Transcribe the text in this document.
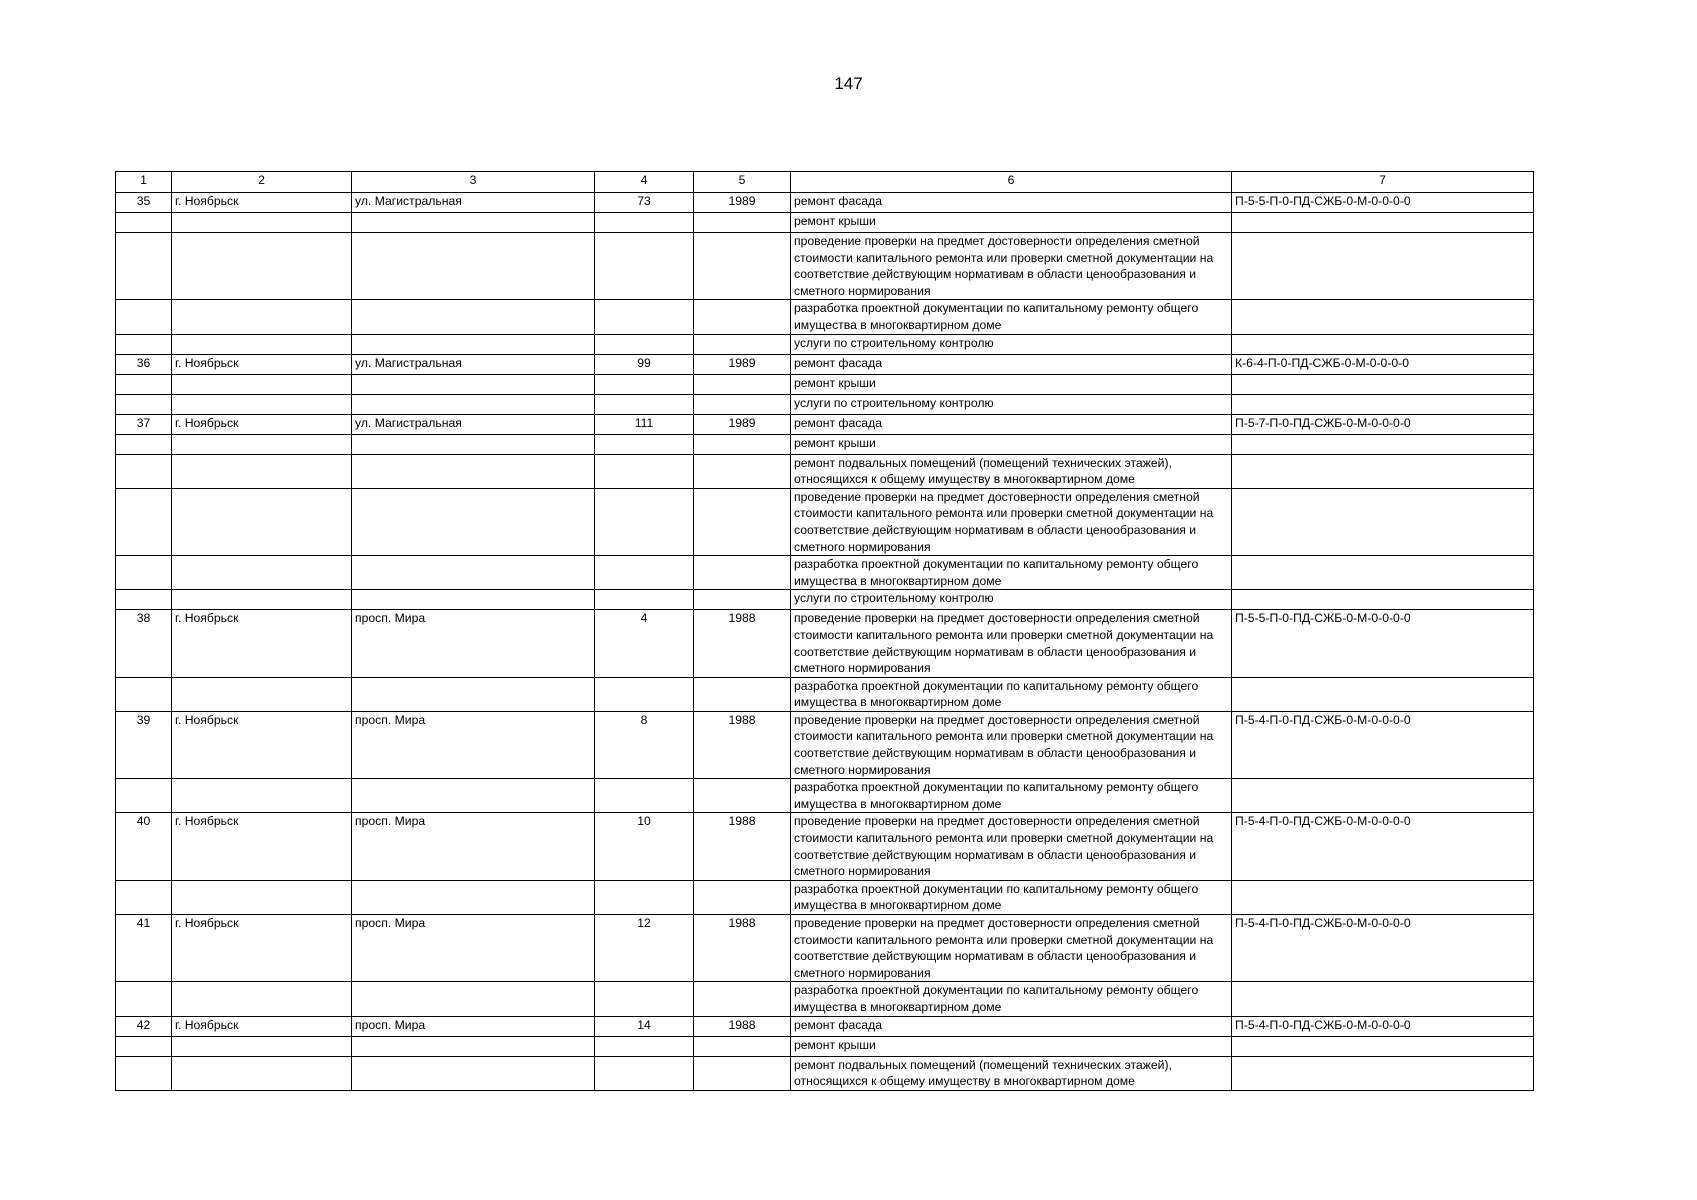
147
1	2	3	4	5	6	7
35	г. Ноябрьск	ул. Магистральная	73	1989	ремонт фасада	П-5-5-П-0-ПД-СЖБ-0-М-0-0-0-0
					ремонт крыши	
					проведение проверки на предмет достоверности определения сметной стоимости капитального ремонта или проверки сметной документации на соответствие действующим нормативам в области ценообразования и сметного нормирования	
					разработка проектной документации по капитальному ремонту общего имущества в многоквартирном доме	
					услуги по строительному контролю	
36	г. Ноябрьск	ул. Магистральная	99	1989	ремонт фасада	К-6-4-П-0-ПД-СЖБ-0-М-0-0-0-0
					ремонт крыши	
					услуги по строительному контролю	
37	г. Ноябрьск	ул. Магистральная	111	1989	ремонт фасада	П-5-7-П-0-ПД-СЖБ-0-М-0-0-0-0
					ремонт крыши	
					ремонт подвальных помещений (помещений технических этажей), относящихся к общему имуществу в многоквартирном доме	
					проведение проверки на предмет достоверности определения сметной стоимости капитального ремонта или проверки сметной документации на соответствие действующим нормативам в области ценообразования и сметного нормирования	
					разработка проектной документации по капитальному ремонту общего имущества в многоквартирном доме	
					услуги по строительному контролю	
38	г. Ноябрьск	просп. Мира	4	1988	проведение проверки на предмет достоверности определения сметной стоимости капитального ремонта или проверки сметной документации на соответствие действующим нормативам в области ценообразования и сметного нормирования	П-5-5-П-0-ПД-СЖБ-0-М-0-0-0-0
					разработка проектной документации по капитальному ремонту общего имущества в многоквартирном доме	
39	г. Ноябрьск	просп. Мира	8	1988	проведение проверки на предмет достоверности определения сметной стоимости капитального ремонта или проверки сметной документации на соответствие действующим нормативам в области ценообразования и сметного нормирования	П-5-4-П-0-ПД-СЖБ-0-М-0-0-0-0
					разработка проектной документации по капитальному ремонту общего имущества в многоквартирном доме	
40	г. Ноябрьск	просп. Мира	10	1988	проведение проверки на предмет достоверности определения сметной стоимости капитального ремонта или проверки сметной документации на соответствие действующим нормативам в области ценообразования и сметного нормирования	П-5-4-П-0-ПД-СЖБ-0-М-0-0-0-0
					разработка проектной документации по капитальному ремонту общего имущества в многоквартирном доме	
41	г. Ноябрьск	просп. Мира	12	1988	проведение проверки на предмет достоверности определения сметной стоимости капитального ремонта или проверки сметной документации на соответствие действующим нормативам в области ценообразования и сметного нормирования	П-5-4-П-0-ПД-СЖБ-0-М-0-0-0-0
					разработка проектной документации по капитальному ремонту общего имущества в многоквартирном доме	
42	г. Ноябрьск	просп. Мира	14	1988	ремонт фасада	П-5-4-П-0-ПД-СЖБ-0-М-0-0-0-0
					ремонт крыши	
					ремонт подвальных помещений (помещений технических этажей), относящихся к общему имуществу в многоквартирном доме	
